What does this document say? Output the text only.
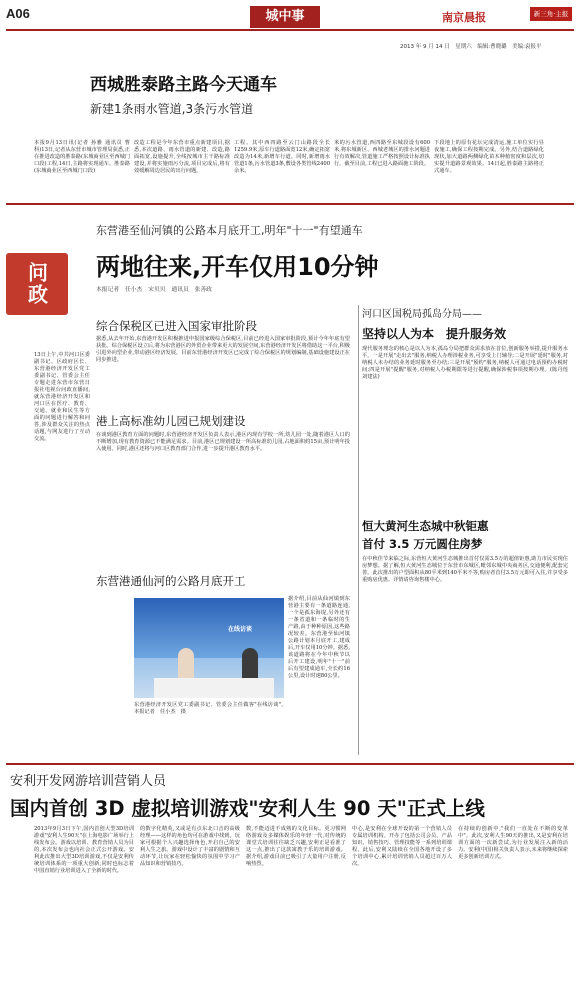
A06	城中事	南京晨报	新三角·主报
2013 年 9 月 14 日　星期六　编辑:曹晓璐　美编:袁报平
西城胜泰路主路今天通车
新建1条雨水管道,3条污水管道
本报9月13日讯(记者 孙雅 通讯员 曹科)13日,记者从东营市城市管理局获悉,正在推进改造的胜泰路(东城商业区至西城门口段)工程,14日,主路将实现通车。胜泰路(东城商业区至西城门口段)
改造工程是今年东营市重点新建项目,据悉,本次道路、雨水管道的新建、改造,路面拓宽,设施提升,全线按城市主干路标准建设,并将实施雨污分流,项目完成后,将有效缓解周边居民的出行问题。
工程。其中西四路至云门山路段全长1259.9米,原车行道路面宽12米,确定拓宽改造为14米,新增车行道。同时,新增雨水管道1条,污水管道3条,敷设各类管线2400余米。
米的污水管道,西四路至东城段设有600米,将东城新区、西城老城区的排水问题进行有效解决,管道施工严格按照设计标准执行。截至目前,工程已进入路面施工阶段。
下段地上的原有花坛完成清运,施工单位实行昼夜施工,确保工程按期完成。另外,结合道路绿化现状,加大道路两侧绿化苗木种植密度和层次,切实提升道路景观效果。14日起,胜泰路主路将正式通车。
东营港至仙河镇的公路本月底开工,明年"十一"有望通车
两地往来,开车仅用10分钟
本报记者　任小杰　宋贝贝　通讯员　张善政
问政
13日上午,中共河口区委副书记、区政府区长、东营港经济开发区党工委副书记、管委会主任专题走进东营市东营日报社电视台问政直播间,就东营港经济开发区和河口区在医疗、教育、交通、就业和民生等方面的问题进行解答和问答,涉及群众关注的热点话题,与网友进行了互动交流。
综合保税区已进入国家审批阶段
据悉,从去年开始,东营港开发区积极推进申报国家级综合保税区,目前已经进入国家审批阶段,预计今年年底有望获批。综合保税区设立后,将为东营港区的外贸企业带来更大的发展空间,东营港经济开发区将借助这一平台,积极引进外向型企业,带动港区经济发展。目前东营港经济开发区已完成了综合保税区的规划编制,基础设施建设正在同步推进。
港上高标准幼儿园已规划建设
在谈到港区教育方面的问题时,东营港经济开发区负责人表示,港区内现有学校一所,幼儿园一处,随着港区人口的不断增加,现有教育资源已不能满足需求。目前,港区已规划建设一所高标准幼儿园,占地面积约15亩,预计明年投入使用。同时,港区还将与河口区教育部门合作,进一步提升港区教育水平。
东营港通仙河的公路月底开工
在线访谈
东营港经济开发区党工委副书记、管委会主任做客"在线访谈"。　本报记者　任小杰　摄
据介绍,目前从仙河镇到东营港主要有一条道路连通,一个是孤东海堤,另外还有一条省道和一条临时的生产路,由于种种原因,这些路况较差。东营港至仙河镇公路计划本月底开工,建成后,开车仅用10分钟。据悉,该道路将在今年中秋节以后开工建设,明年"十一"前后有望建成通车,全长约16公里,设计时速80公里。
河口区国税局孤岛分局——
坚持以人为本　提升服务效
现代服务理念的核心是以人为本,孤岛分局把群众需求放在首位,创新服务举措,提升服务水平。一是开展"走出去"服务,纳税人办理涉税业务,可享受上门辅导;二是开展"延时"服务,对纳税人未办结的业务延时服务至办结;三是开展"预约"服务,纳税人可通过电话预约办税时间;四是开展"提醒"服务,对纳税人办税期限等进行提醒,确保涉税事项按期办理。(陈丹莲　刘建法)
恒大黄河生态城中秋钜惠
首付 3.5 万元圆住房梦
在中秋佳节来临之际,东营恒大黄河生态城推出首付仅需3.5万的超值钜惠,助力市民实现住房梦想。据了解,恒大黄河生态城位于东营市东城区,毗邻东城中央商务区,交通便利,配套完善。此次推出的户型面积从80平米到140平米不等,购房者首付3.5万元即可入住,并享受多重购房优惠。详情请咨询售楼中心。
安利开发网游培训营销人员
国内首创 3D 虚拟培训游戏"安利人生 90 天"正式上线
2013年9月3日下午,国内首创大型3D培训游戏"安利人生90天"在上海电影广场举行上线发布会。游戏以培训、教育营销人员为目的,本次发布会也向社会正式公开游戏。安利此次推出大型3D培训游戏,不仅是安利传统培训体系的一项重大创新,同时也标志着中国直销行业培训进入了全新的时代。
的数字化精英,又或是有点东北口音的高级经理——这样的角色均可在游戏中找到。玩家可根据个人兴趣选择角色,开启自己的安利人生之旅。游戏中设计了丰富的剧情和互动环节,让玩家在轻松愉快的氛围中学习产品知识和营销技巧。
数,不能迈进不成熟的文化目标。更习惯网络游戏及多媒体娱乐的年轻一代,对传统的课堂式培训往往缺乏兴趣,安利正是看准了这一点,推出了这款寓教于乐的培训游戏。据介绍,游戏目前已吸引了大量用户注册,反响热烈。
中心,是安利在全球开设的第一个营销人员专属培训机构。开办了包括公司会员、产品知识、销售技巧、管理技能等一系列培训课程。此后,安利又陆续在全国各地开设了多个培训中心,累计培训营销人员超过百万人次。
在持续的创新中,"我们一直处在不断的变革中"。此次,安利人生90天的推出,又是安利在培训方面的一次新尝试,为行业发展注入新的活力。安利(中国)相关负责人表示,未来将继续探索更多创新培训方式。
